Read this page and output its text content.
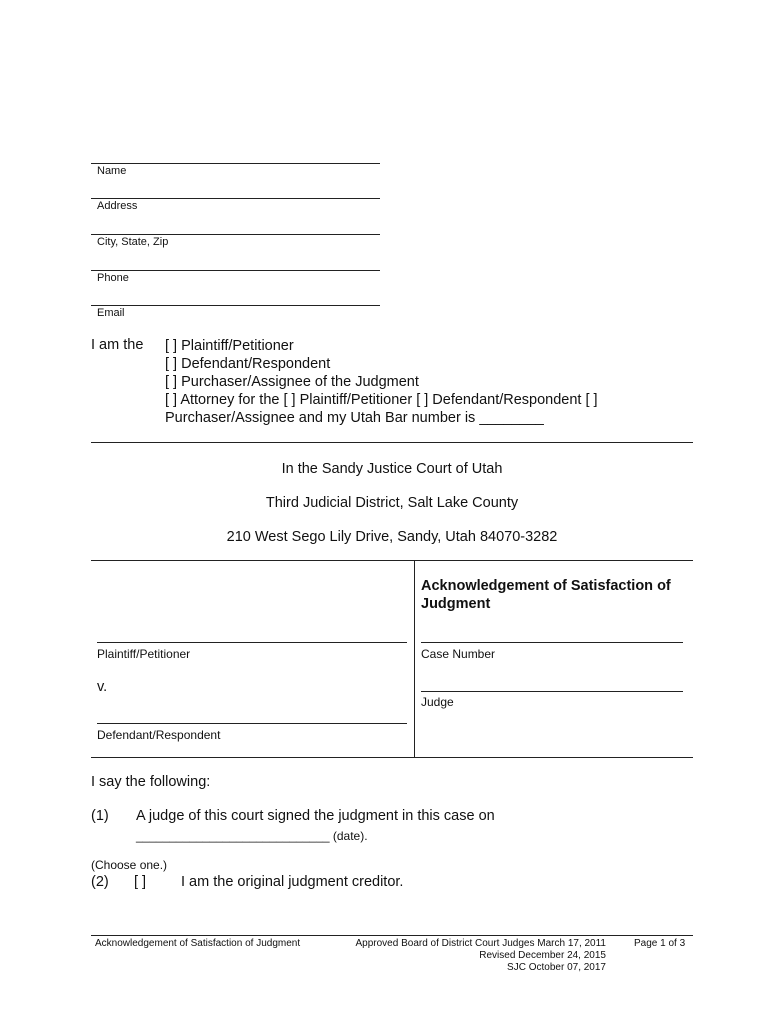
Name
Address
City, State, Zip
Phone
Email
I am the [ ] Plaintiff/Petitioner
[ ] Defendant/Respondent
[ ] Purchaser/Assignee of the Judgment
[ ] Attorney for the [ ] Plaintiff/Petitioner [ ] Defendant/Respondent [ ]
Purchaser/Assignee and my Utah Bar number is ________
In the Sandy Justice Court of Utah
Third Judicial District, Salt Lake County
210 West Sego Lily Drive, Sandy, Utah 84070-3282
Acknowledgement of Satisfaction of Judgment
Plaintiff/Petitioner
v.
Defendant/Respondent
Case Number
Judge
I say the following:
(1) A judge of this court signed the judgment in this case on
_____________________________ (date).
(Choose one.)
(2) [ ] I am the original judgment creditor.
Acknowledgement of Satisfaction of Judgment	Approved Board of District Court Judges March 17, 2011
Revised December 24, 2015
SJC October 07, 2017
Page 1 of 3
